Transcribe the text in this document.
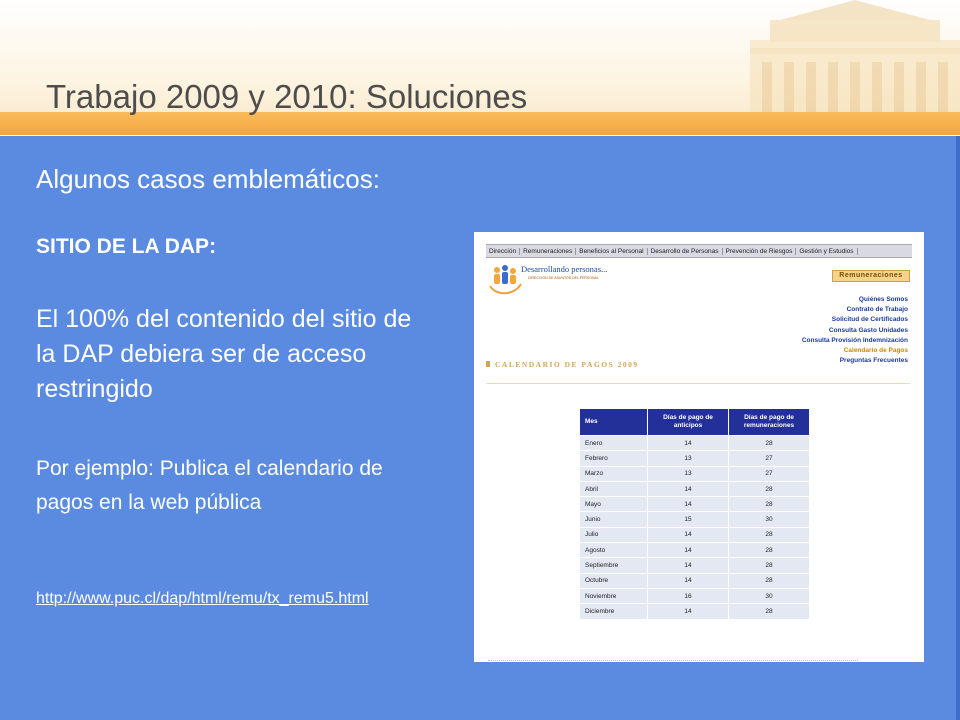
Trabajo 2009 y 2010: Soluciones
Algunos casos emblemáticos:
SITIO DE LA DAP:
El 100% del contenido del sitio de la DAP debiera ser de acceso restringido
Por ejemplo: Publica el calendario de pagos en la web pública
http://www.puc.cl/dap/html/remu/tx_remu5.html
Dirección	Remuneraciones	Beneficios al Personal	Desarrollo de Personas	Prevención de Riesgos	Gestión y Estudios
Desarrollando personas...
DIRECCIÓN DE ASUNTOS DEL PERSONAL	Remuneraciones
Quiénes Somos
Contrato de Trabajo
Solicitud de Certificados
Consulta Gasto Unidades
Consulta Provisión Indemnización
Calendario de Pagos
Preguntas Frecuentes
CALENDARIO DE PAGOS 2009
Mes	Días de pago de anticipos	Días de pago de remuneraciones
Enero	14	28
Febrero	13	27
Marzo	13	27
Abril	14	28
Mayo	14	28
Junio	15	30
Julio	14	28
Agosto	14	28
Septiembre	14	28
Octubre	14	28
Noviembre	16	30
Diciembre	14	28
